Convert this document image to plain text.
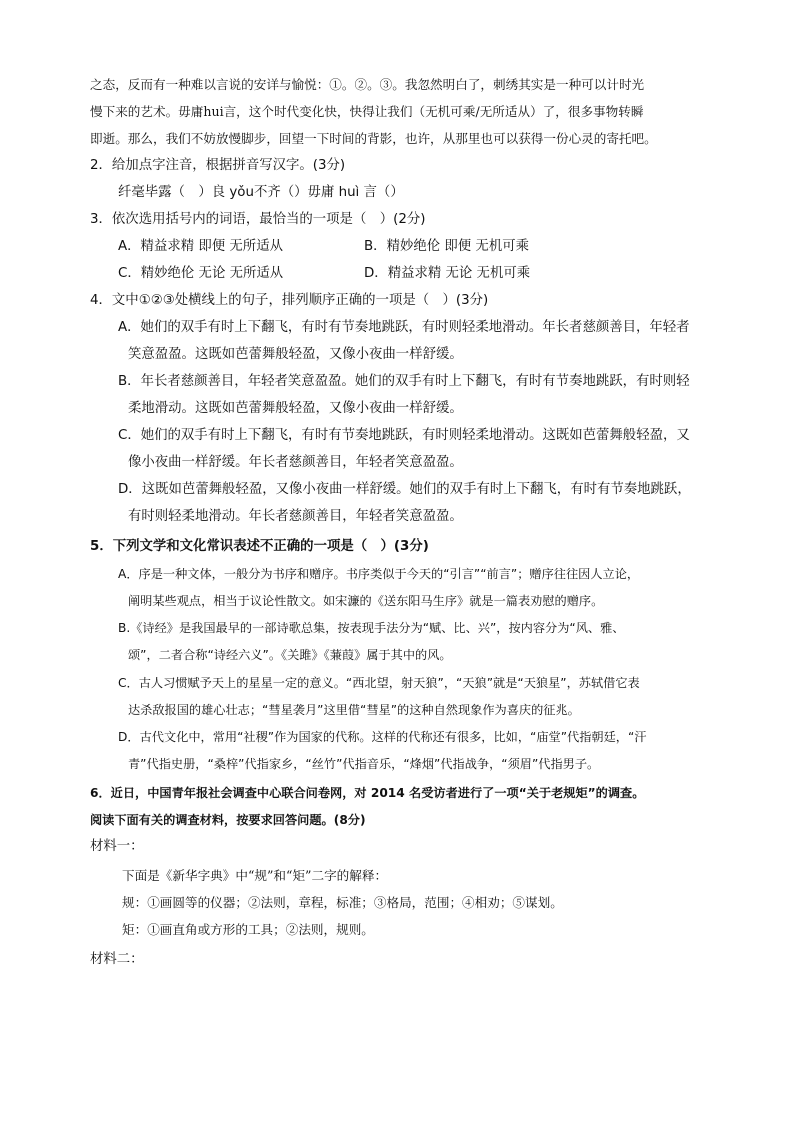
之态，反而有一种难以言说的安详与愉悦：①。②。③。我忽然明白了，刺绣其实是一种可以计时光
慢下来的艺术。毋庸hui言，这个时代变化快，快得让我们（无机可乘/无所适从）了，很多事物转瞬
即逝。那么，我们不妨放慢脚步，回望一下时间的背影，也许，从那里也可以获得一份心灵的寄托吧。
2．给加点字注音，根据拼音写汉字。(3分)
纤毫毕露（　）良 yǒu不齐（）毋庸 huì 言（）
3．依次选用括号内的词语，最恰当的一项是（　）(2分)
A．精益求精 即便 无所适从	B．精妙绝伦 即便 无机可乘
C．精妙绝伦 无论 无所适从	D．精益求精 无论 无机可乘
4．文中①②③处横线上的句子，排列顺序正确的一项是（　）(3分)
A．她们的双手有时上下翻飞，有时有节奏地跳跃，有时则轻柔地滑动。年长者慈颜善目，年轻者
笑意盈盈。这既如芭蕾舞般轻盈，又像小夜曲一样舒缓。
B．年长者慈颜善目，年轻者笑意盈盈。她们的双手有时上下翻飞，有时有节奏地跳跃，有时则轻
柔地滑动。这既如芭蕾舞般轻盈，又像小夜曲一样舒缓。
C．她们的双手有时上下翻飞，有时有节奏地跳跃，有时则轻柔地滑动。这既如芭蕾舞般轻盈，又
像小夜曲一样舒缓。年长者慈颜善目，年轻者笑意盈盈。
D．这既如芭蕾舞般轻盈，又像小夜曲一样舒缓。她们的双手有时上下翻飞，有时有节奏地跳跃，
有时则轻柔地滑动。年长者慈颜善目，年轻者笑意盈盈。
5．下列文学和文化常识表述不正确的一项是（　）(3分)
A．序是一种文体，一般分为书序和赠序。书序类似于今天的“引言”“前言”；赠序往往因人立论，
阐明某些观点，相当于议论性散文。如宋濂的《送东阳马生序》就是一篇表劝慰的赠序。
B.《诗经》是我国最早的一部诗歌总集，按表现手法分为“赋、比、兴”，按内容分为“风、雅、
颂”，二者合称“诗经六义”。《关雎》《蒹葭》属于其中的风。
C．古人习惯赋予天上的星星一定的意义。“西北望，射天狼”，“天狼”就是“天狼星”，苏轼借它表
达杀敌报国的雄心壮志；“彗星袭月”这里借“彗星”的这种自然现象作为喜庆的征兆。
D．古代文化中，常用“社稷”作为国家的代称。这样的代称还有很多，比如，“庙堂”代指朝廷，“汗
青”代指史册，“桑梓”代指家乡，“丝竹”代指音乐，“烽烟”代指战争，“须眉”代指男子。
6．近日，中国青年报社会调查中心联合问卷网，对 2014 名受访者进行了一项“关于老规矩”的调查。
阅读下面有关的调查材料，按要求回答问题。(8分)
材料一：
下面是《新华字典》中“规”和“矩”二字的解释：
规：①画圆等的仪器；②法则，章程，标准；③格局，范围；④相劝；⑤谋划。
矩：①画直角或方形的工具；②法则，规则。
材料二：
